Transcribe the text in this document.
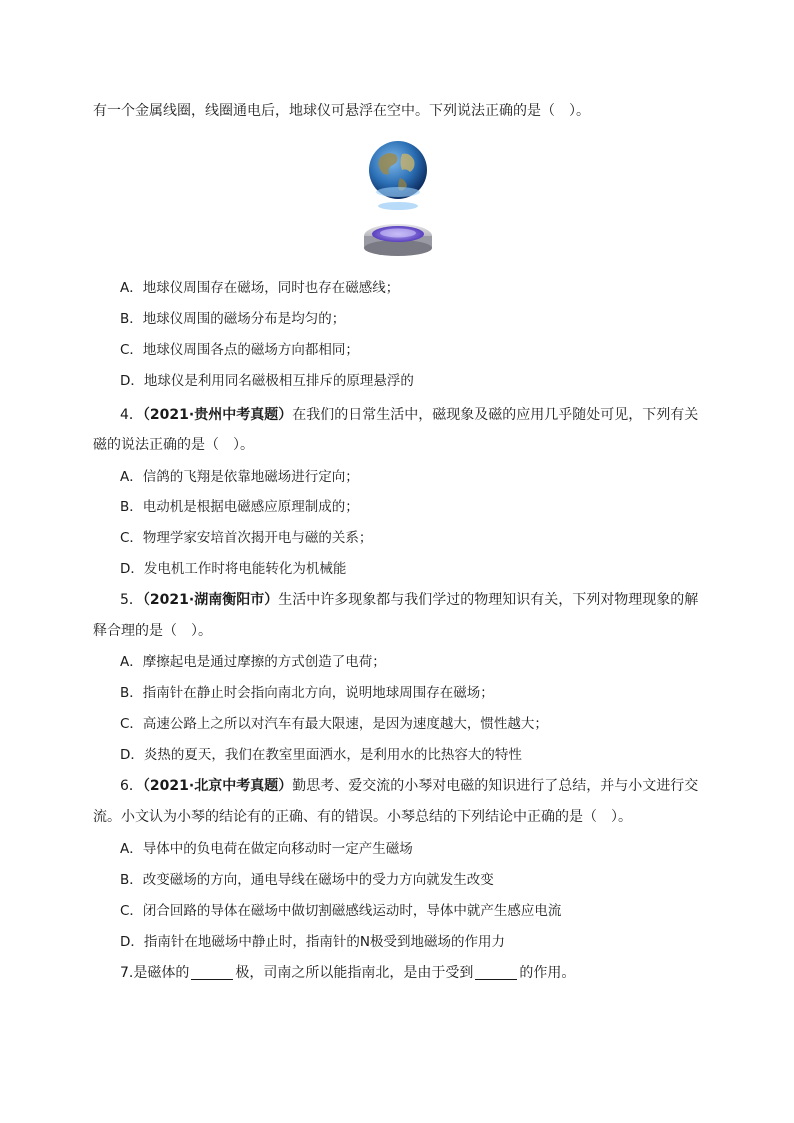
有一个金属线圈，线圈通电后，地球仪可悬浮在空中。下列说法正确的是（　）。
A．地球仪周围存在磁场，同时也存在磁感线；
B．地球仪周围的磁场分布是均匀的；
C．地球仪周围各点的磁场方向都相同；
D．地球仪是利用同名磁极相互排斥的原理悬浮的
4．（2021·贵州中考真题）在我们的日常生活中，磁现象及磁的应用几乎随处可见，下列有关
磁的说法正确的是（　）。
A．信鸽的飞翔是依靠地磁场进行定向；
B．电动机是根据电磁感应原理制成的；
C．物理学家安培首次揭开电与磁的关系；
D．发电机工作时将电能转化为机械能
5．（2021·湖南衡阳市）生活中许多现象都与我们学过的物理知识有关，下列对物理现象的解
释合理的是（　）。
A．摩擦起电是通过摩擦的方式创造了电荷；
B．指南针在静止时会指向南北方向，说明地球周围存在磁场；
C．高速公路上之所以对汽车有最大限速，是因为速度越大，惯性越大；
D．炎热的夏天，我们在教室里面洒水，是利用水的比热容大的特性
6．（2021·北京中考真题）勤思考、爱交流的小琴对电磁的知识进行了总结，并与小文进行交
流。小文认为小琴的结论有的正确、有的错误。小琴总结的下列结论中正确的是（　）。
A．导体中的负电荷在做定向移动时一定产生磁场
B．改变磁场的方向，通电导线在磁场中的受力方向就发生改变
C．闭合回路的导体在磁场中做切割磁感线运动时，导体中就产生感应电流
D．指南针在地磁场中静止时，指南针的N极受到地磁场的作用力
7.是磁体的	极，司南之所以能指南北，是由于受到	的作用。
